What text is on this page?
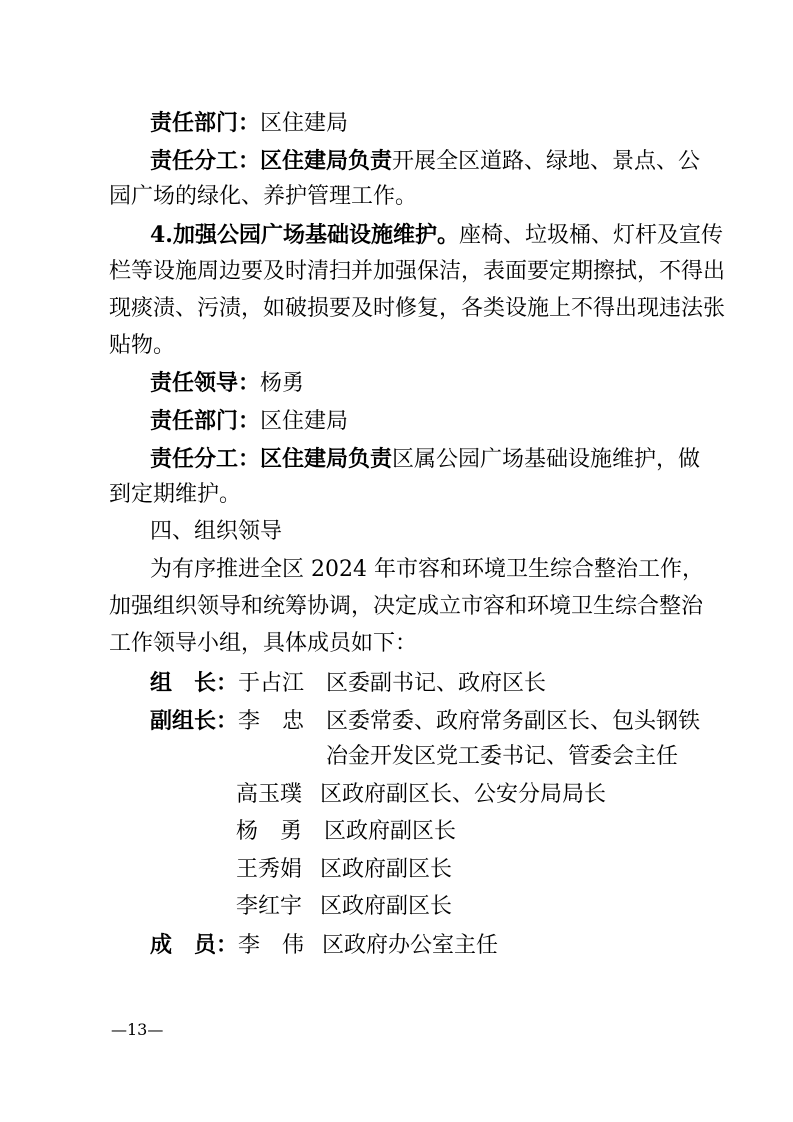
责任部门：区住建局
责任分工：区住建局负责开展全区道路、绿地、景点、公
园广场的绿化、养护管理工作。
4.加强公园广场基础设施维护。座椅、垃圾桶、灯杆及宣传
栏等设施周边要及时清扫并加强保洁，表面要定期擦拭，不得出
现痰渍、污渍，如破损要及时修复，各类设施上不得出现违法张
贴物。
责任领导：杨勇
责任部门：区住建局
责任分工：区住建局负责区属公园广场基础设施维护，做
到定期维护。
四、组织领导
为有序推进全区 2024 年市容和环境卫生综合整治工作，
加强组织领导和统筹协调，决定成立市容和环境卫生综合整治
工作领导小组，具体成员如下：
组　长：于占江 区委副书记、政府区长
副组长：李　忠 区委常委、政府常务副区长、包头钢铁
冶金开发区党工委书记、管委会主任
高玉璞 区政府副区长、公安分局局长
杨　勇 区政府副区长
王秀娟 区政府副区长
李红宇 区政府副区长
成　员：李　伟 区政府办公室主任
—13—
